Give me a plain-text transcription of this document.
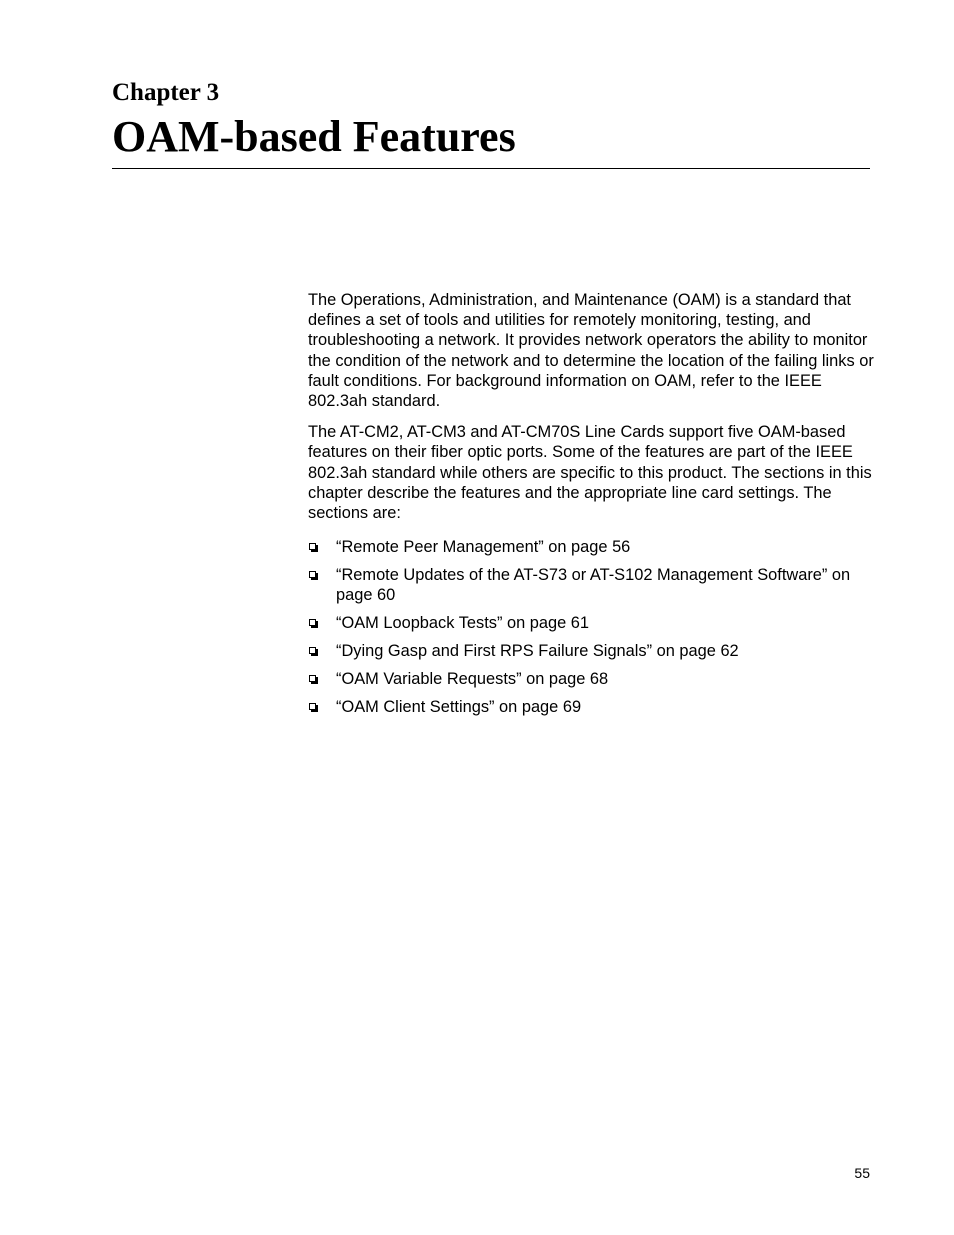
Chapter 3
OAM-based Features

The Operations, Administration, and Maintenance (OAM) is a standard that defines a set of tools and utilities for remotely monitoring, testing, and troubleshooting a network. It provides network operators the ability to monitor the condition of the network and to determine the location of the failing links or fault conditions. For background information on OAM, refer to the IEEE 802.3ah standard.

The AT-CM2, AT-CM3 and AT-CM70S Line Cards support five OAM-based features on their fiber optic ports. Some of the features are part of the IEEE 802.3ah standard while others are specific to this product. The sections in this chapter describe the features and the appropriate line card settings. The sections are:

“Remote Peer Management” on page 56
“Remote Updates of the AT-S73 or AT-S102 Management Software” on page 60
“OAM Loopback Tests” on page 61
“Dying Gasp and First RPS Failure Signals” on page 62
“OAM Variable Requests” on page 68
“OAM Client Settings” on page 69
55
